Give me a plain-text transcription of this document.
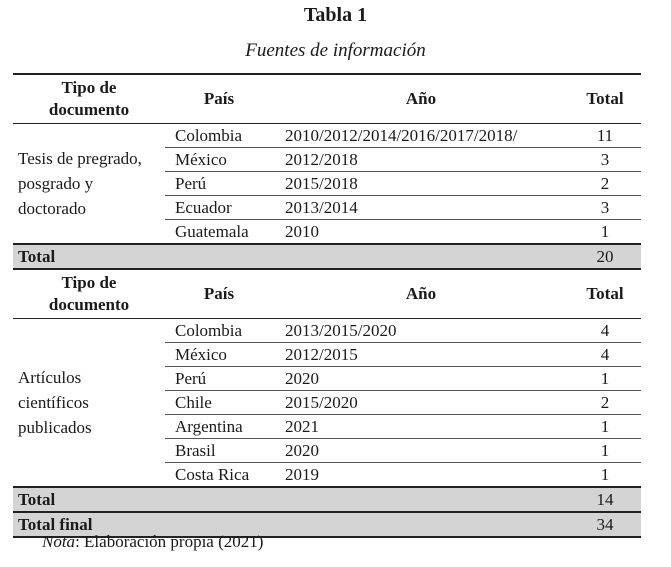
Tabla 1
Fuentes de información
Tipo de
documento	País	Año	Total
Tesis de pregrado,
posgrado y
doctorado	Colombia	2010/2012/2014/2016/2017/2018/	11
	México	2012/2018	3
	Perú	2015/2018	2
	Ecuador	2013/2014	3
	Guatemala	2010	1
Total			20
Tipo de
documento	País	Año	Total
Artículos
científicos
publicados	Colombia	2013/2015/2020	4
	México	2012/2015	4
	Perú	2020	1
	Chile	2015/2020	2
	Argentina	2021	1
	Brasil	2020	1
	Costa Rica	2019	1
Total			14
Total final			34
Nota: Elaboración propia (2021)
